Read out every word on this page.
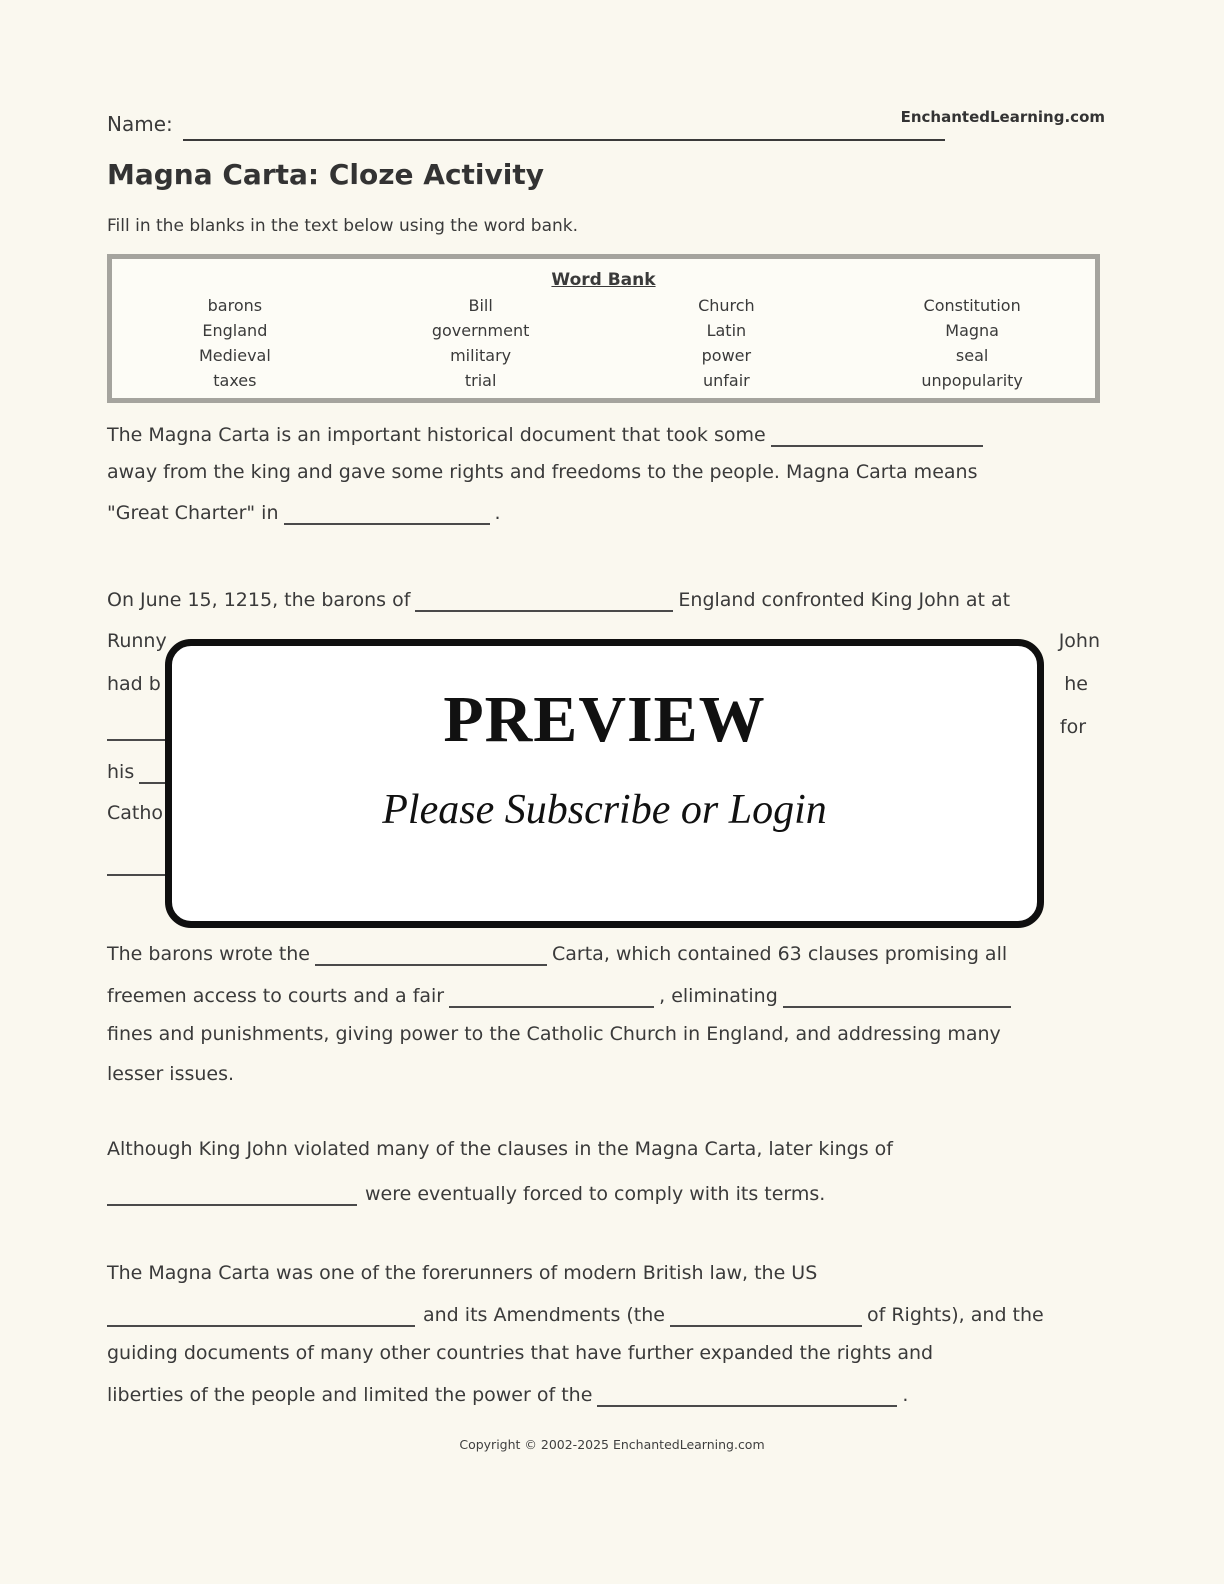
Name:	EnchantedLearning.com
Magna Carta: Cloze Activity
Fill in the blanks in the text below using the word bank.
Word Bank
barons	Bill	Church	Constitution
England	government	Latin	Magna
Medieval	military	power	seal
taxes	trial	unfair	unpopularity
The Magna Carta is an important historical document that took some
away from the king and gave some rights and freedoms to the people. Magna Carta means
"Great Charter" in	.
On June 15, 1215, the barons of	England confronted King John at at
Runny	John
had b	he
for
his
Catho
PREVIEW
Please Subscribe or Login
The barons wrote the	Carta, which contained 63 clauses promising all
freemen access to courts and a fair	, eliminating
fines and punishments, giving power to the Catholic Church in England, and addressing many
lesser issues.
Although King John violated many of the clauses in the Magna Carta, later kings of
were eventually forced to comply with its terms.
The Magna Carta was one of the forerunners of modern British law, the US
and its Amendments (the	of Rights), and the
guiding documents of many other countries that have further expanded the rights and
liberties of the people and limited the power of the	.
Copyright © 2002-2025 EnchantedLearning.com
